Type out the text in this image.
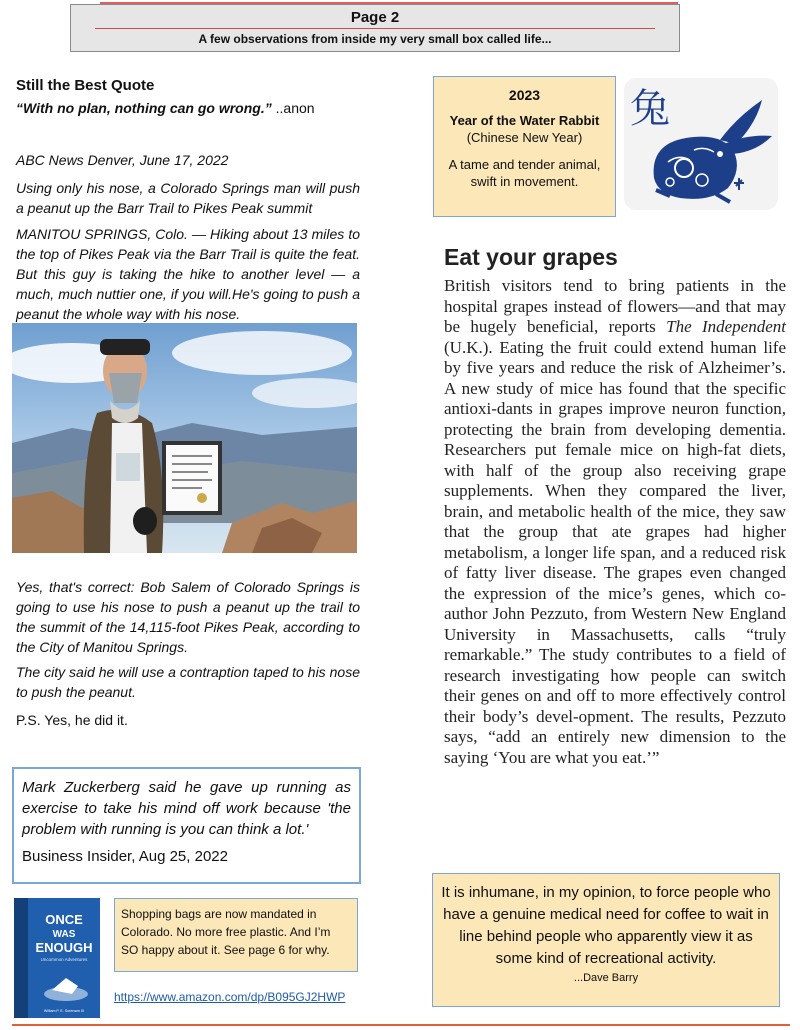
Page 2
A few observations from inside my very small box called life...
Still the Best Quote
“With no plan, nothing can go wrong.” ..anon
ABC News Denver, June 17, 2022
Using only his nose, a Colorado Springs man will push a peanut up the Barr Trail to Pikes Peak summit
MANITOU SPRINGS, Colo. — Hiking about 13 miles to the top of Pikes Peak via the Barr Trail is quite the feat. But this guy is taking the hike to another level — a much, much nuttier one, if you will.He's going to push a peanut the whole way with his nose.
Yes, that's correct: Bob Salem of Colorado Springs is going to use his nose to push a peanut up the trail to the summit of the 14,115-foot Pikes Peak, according to the City of Manitou Springs.
The city said he will use a contraption taped to his nose to push the peanut.
P.S. Yes, he did it.
Mark Zuckerberg said he gave up running as exercise to take his mind off work because 'the problem with running is you can think a lot.'
Business Insider, Aug 25, 2022
ONCE
WAS
ENOUGH
Uncommon Adventures
William P. E. Sorensen III
Shopping bags are now mandated in Colorado. No more free plastic. And I’m SO happy about it. See page 6 for why.
https://www.amazon.com/dp/B095GJ2HWP
2023
Year of the Water Rabbit
(Chinese New Year)
A tame and tender animal, swift in movement.
兔
Eat your grapes
British visitors tend to bring patients in the hospital grapes instead of flowers—and that may be hugely beneficial, reports The Independent (U.K.). Eating the fruit could extend human life by five years and reduce the risk of Alzheimer’s. A new study of mice has found that the specific antioxi-dants in grapes improve neuron function, protecting the brain from developing dementia. Researchers put female mice on high-fat diets, with half of the group also receiving grape supplements. When they compared the liver, brain, and metabolic health of the mice, they saw that the group that ate grapes had higher metabolism, a longer life span, and a reduced risk of fatty liver disease. The grapes even changed the expression of the mice’s genes, which co-author John Pezzuto, from Western New England University in Massachusetts, calls “truly remarkable.” The study contributes to a field of research investigating how people can switch their genes on and off to more effectively control their body’s devel-opment. The results, Pezzuto says, “add an entirely new dimension to the saying ‘You are what you eat.’”
It is inhumane, in my opinion, to force people who have a genuine medical need for coffee to wait in line behind people who apparently view it as some kind of recreational activity.
...Dave Barry
